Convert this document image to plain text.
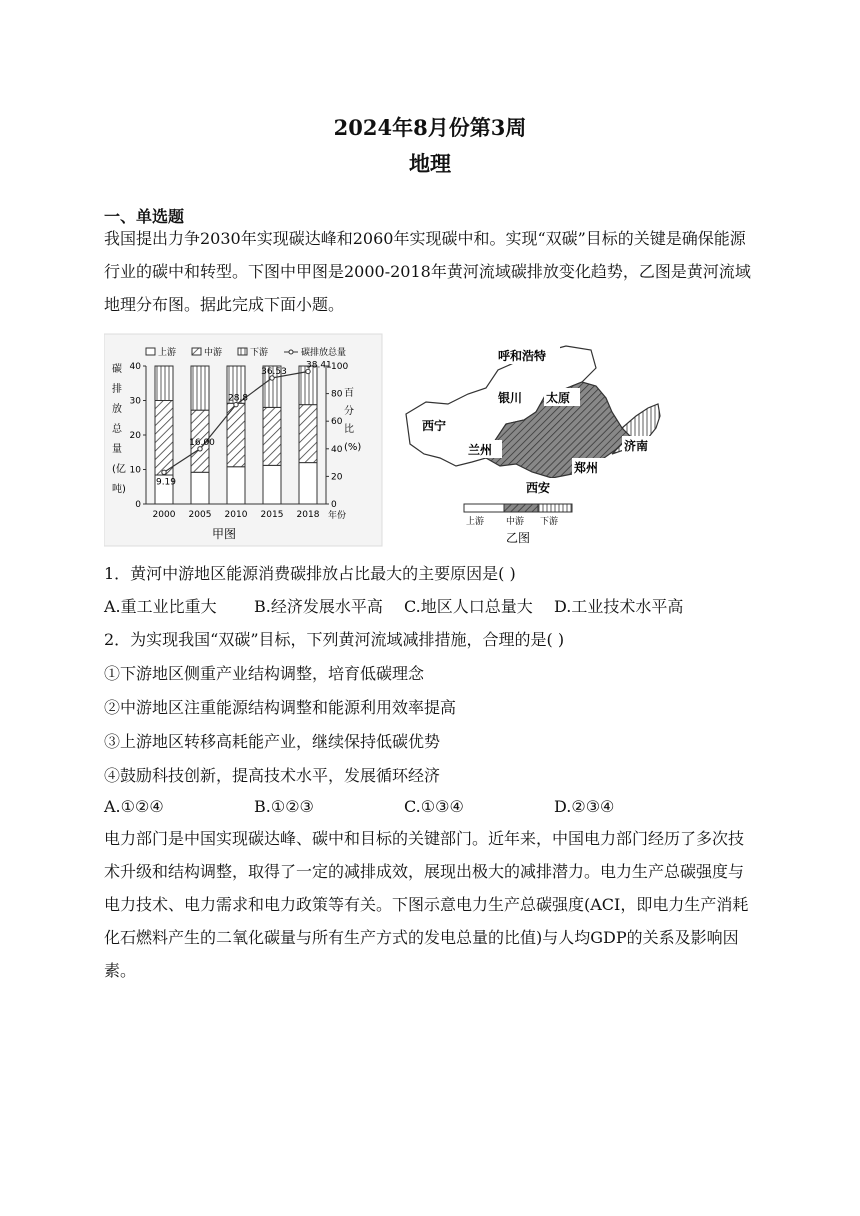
2024年8月份第3周
地理
一、单选题
我国提出力争2030年实现碳达峰和2060年实现碳中和。实现“双碳”目标的关键是确保能源行业的碳中和转型。下图中甲图是2000-2018年黄河流域碳排放变化趋势，乙图是黄河流域地理分布图。据此完成下面小题。
上游	中游	下游	碳排放总量
碳排放总量(亿吨)
百分比(%)
0
10
20
30
40
0
20
40
60
80
100
2000 2005 2010 2015 2018
9.19
16.00
28.8
36.53
38.41
年份
甲图
呼和浩特
银川 太原
西宁
兰州	济南
郑州
西安
上游 中游 下游
乙图
1．黄河中游地区能源消费碳排放占比最大的主要原因是( )
A.重工业比重大 B.经济发展水平高 C.地区人口总量大 D.工业技术水平高
2．为实现我国“双碳”目标，下列黄河流域减排措施，合理的是( )
①下游地区侧重产业结构调整，培育低碳理念
②中游地区注重能源结构调整和能源利用效率提高
③上游地区转移高耗能产业，继续保持低碳优势
④鼓励科技创新，提高技术水平，发展循环经济
A.①②④	B.①②③	C.①③④	D.②③④
电力部门是中国实现碳达峰、碳中和目标的关键部门。近年来，中国电力部门经历了多次技术升级和结构调整，取得了一定的减排成效，展现出极大的减排潜力。电力生产总碳强度与电力技术、电力需求和电力政策等有关。下图示意电力生产总碳强度(ACI，即电力生产消耗化石燃料产生的二氧化碳量与所有生产方式的发电总量的比值)与人均GDP的关系及影响因素。
